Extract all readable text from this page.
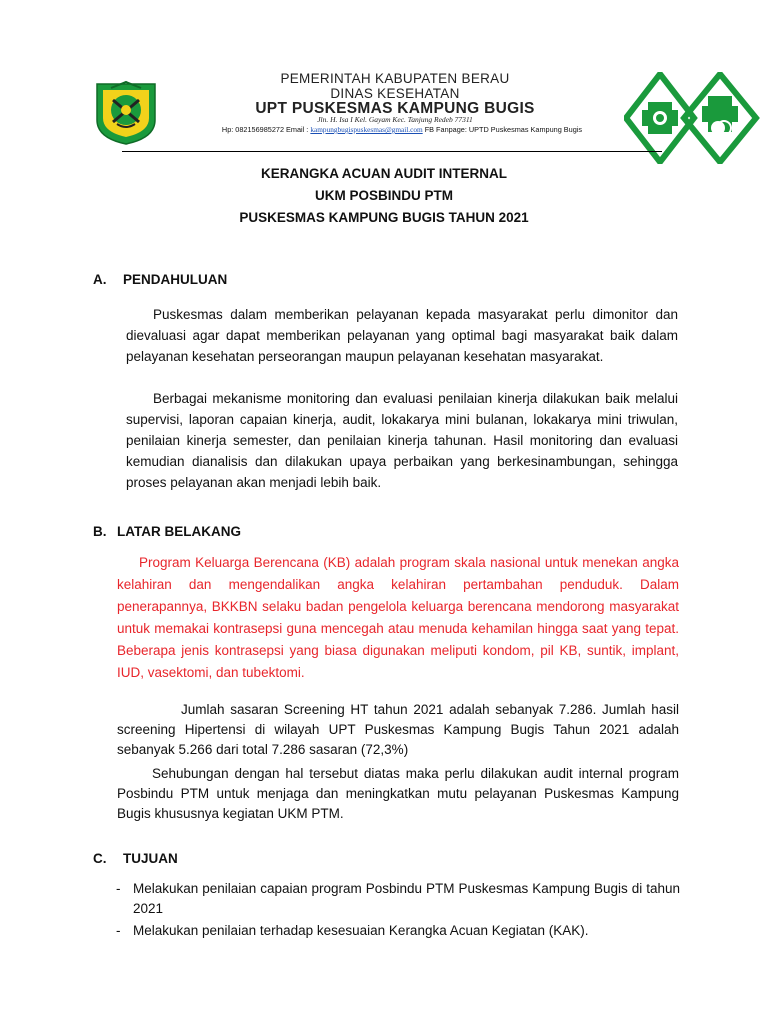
PEMERINTAH KABUPATEN BERAU
DINAS KESEHATAN
UPT PUSKESMAS KAMPUNG BUGIS
Jln. H. Isa I Kel. Gayam Kec. Tanjung Redeb 77311
Hp: 082156985272 Email : kampungbugispuskesmas@gmail.com FB Fanpage: UPTD Puskesmas Kampung Bugis
KERANGKA ACUAN AUDIT INTERNAL
UKM POSBINDU PTM
PUSKESMAS KAMPUNG BUGIS TAHUN 2021
A. PENDAHULUAN
Puskesmas dalam memberikan pelayanan kepada masyarakat perlu dimonitor dan dievaluasi agar dapat memberikan pelayanan yang optimal bagi masyarakat baik dalam pelayanan kesehatan perseorangan maupun pelayanan kesehatan masyarakat.
Berbagai mekanisme monitoring dan evaluasi penilaian kinerja dilakukan baik melalui supervisi, laporan capaian kinerja, audit, lokakarya mini bulanan, lokakarya mini triwulan, penilaian kinerja semester, dan penilaian kinerja tahunan. Hasil monitoring dan evaluasi kemudian dianalisis dan dilakukan upaya perbaikan yang berkesinambungan, sehingga proses pelayanan akan menjadi lebih baik.
B. LATAR BELAKANG
Program Keluarga Berencana (KB) adalah program skala nasional untuk menekan angka kelahiran dan mengendalikan angka kelahiran pertambahan penduduk. Dalam penerapannya, BKKBN selaku badan pengelola keluarga berencana mendorong masyarakat untuk memakai kontrasepsi guna mencegah atau menuda kehamilan hingga saat yang tepat. Beberapa jenis kontrasepsi yang biasa digunakan meliputi kondom, pil KB, suntik, implant, IUD, vasektomi, dan tubektomi.
Jumlah sasaran Screening HT tahun 2021 adalah sebanyak 7.286. Jumlah hasil screening Hipertensi di wilayah UPT Puskesmas Kampung Bugis Tahun 2021 adalah sebanyak 5.266 dari total 7.286 sasaran (72,3%)
Sehubungan dengan hal tersebut diatas maka perlu dilakukan audit internal program Posbindu PTM untuk menjaga dan meningkatkan mutu pelayanan Puskesmas Kampung Bugis khususnya kegiatan UKM PTM.
C. TUJUAN
- Melakukan penilaian capaian program Posbindu PTM Puskesmas Kampung Bugis di tahun 2021
- Melakukan penilaian terhadap kesesuaian Kerangka Acuan Kegiatan (KAK).
